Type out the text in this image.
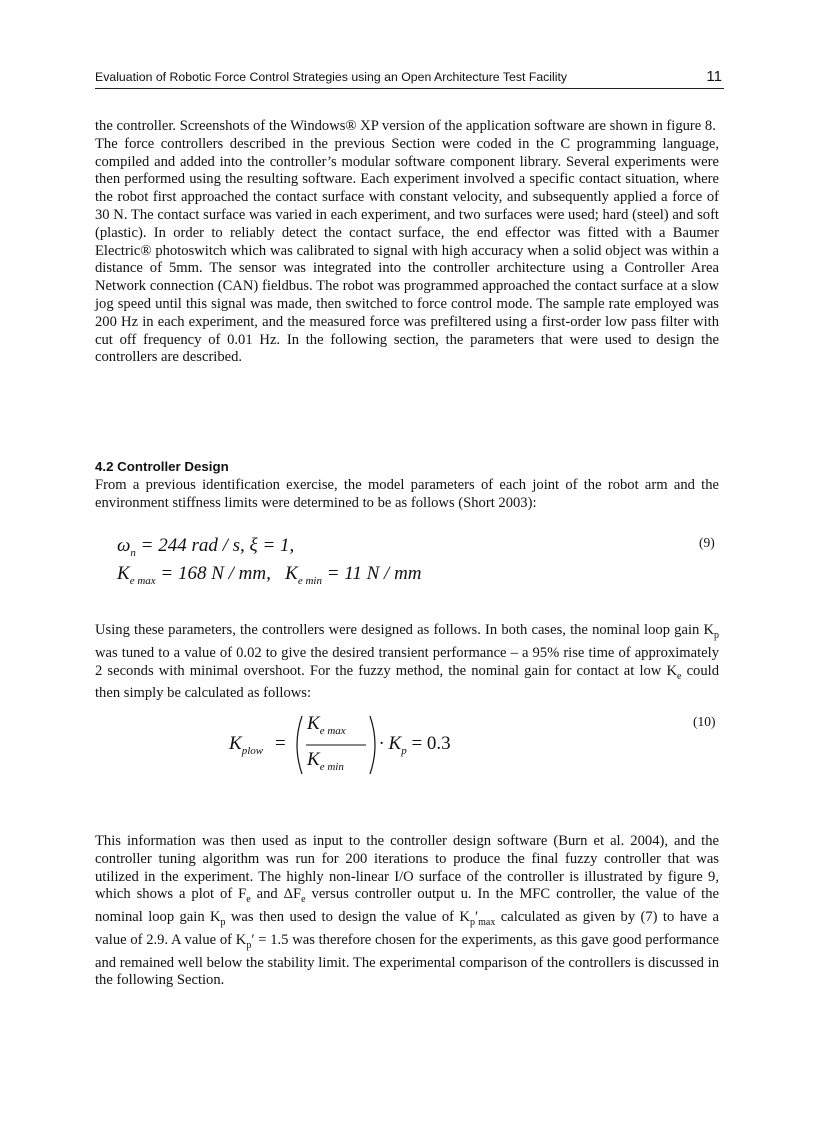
Evaluation of Robotic Force Control Strategies using an Open Architecture Test Facility	11

the controller. Screenshots of the Windows® XP version of the application software are shown in figure 8.

The force controllers described in the previous Section were coded in the C programming language, compiled and added into the controller’s modular software component library. Several experiments were then performed using the resulting software. Each experiment involved a specific contact situation, where the robot first approached the contact surface with constant velocity, and subsequently applied a force of 30 N. The contact surface was varied in each experiment, and two surfaces were used; hard (steel) and soft (plastic). In order to reliably detect the contact surface, the end effector was fitted with a Baumer Electric® photoswitch which was calibrated to signal with high accuracy when a solid object was within a distance of 5mm. The sensor was integrated into the controller architecture using a Controller Area Network connection (CAN) fieldbus. The robot was programmed approached the contact surface at a slow jog speed until this signal was made, then switched to force control mode. The sample rate employed was 200 Hz in each experiment, and the measured force was prefiltered using a first-order low pass filter with cut off frequency of 0.01 Hz. In the following section, the parameters that were used to design the controllers are described.

4.2 Controller Design
From a previous identification exercise, the model parameters of each joint of the robot arm and the environment stiffness limits were determined to be as follows (Short 2003):
$\omega_n = 244$ rad / s, ξ = 1,
$K_{e max} = 168$ N / mm, $K_{e min} = 11$ N / mm
(9)
Using these parameters, the controllers were designed as follows. In both cases, the nominal loop gain $K_p$ was tuned to a value of 0.02 to give the desired transient performance – a 95% rise time of approximately 2 seconds with minimal overshoot. For the fuzzy method, the nominal gain for contact at low $K_e$ could then simply be calculated as follows:
$K_{plow}$ =
$K_{e max}$
$K_{e min}$
· $K_p = 0.3$
(10)
This information was then used as input to the controller design software (Burn et al. 2004), and the controller tuning algorithm was run for 200 iterations to produce the final fuzzy controller that was utilized in the experiment. The highly non-linear I/O surface of the controller is illustrated by figure 9, which shows a plot of $F_e$ and $\Delta F_e$ versus controller output u. In the MFC controller, the value of the nominal loop gain $K_p$ was then used to design the value of $K_p'_{max}$ calculated as given by (7) to have a value of 2.9. A value of $K_p' = 1.5$ was therefore chosen for the experiments, as this gave good performance and remained well below the stability limit. The experimental comparison of the controllers is discussed in the following Section.
